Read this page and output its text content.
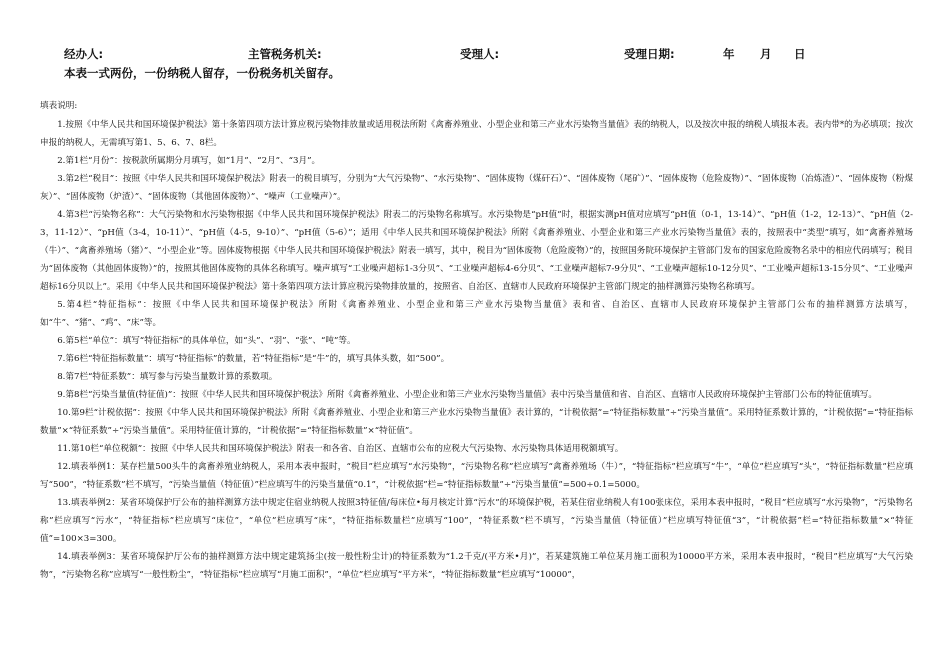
经办人:	主管税务机关:	受理人:	受理日期:	年 月 日
本表一式两份，一份纳税人留存，一份税务机关留存。

填表说明:

1.按照《中华人民共和国环境保护税法》第十条第四项方法计算应税污染物排放量或适用税法所附《禽畜养殖业、小型企业和第三产业水污染物当量值》表的纳税人，以及按次申报的纳税人填报本表。表内带*的为必填项；按次申报的纳税人，无需填写第1、5、6、7、8栏。

2.第1栏“月份”：按税款所属期分月填写，如“1月”、“2月”、“3月”。

3.第2栏“税目”：按照《中华人民共和国环境保护税法》附表一的税目填写，分别为“大气污染物”、“水污染物”、“固体废物（煤矸石）”、“固体废物（尾矿）”、“固体废物（危险废物）”、“固体废物（冶炼渣）”、“固体废物（粉煤灰）”、“固体废物（炉渣）”、“固体废物（其他固体废物）”、“噪声（工业噪声）”。

4.第3栏“污染物名称”：大气污染物和水污染物根据《中华人民共和国环境保护税法》附表二的污染物名称填写。水污染物是“pH值”时，根据实测pH值对应填写“pH值（0-1，13-14）”、“pH值（1-2，12-13）”、“pH值（2-3，11-12）”、“pH值（3-4，10-11）”、“pH值（4-5，9-10）”、“pH值（5-6）”；适用《中华人民共和国环境保护税法》所附《禽畜养殖业、小型企业和第三产业水污染物当量值》表的，按照表中“类型”填写，如“禽畜养殖场（牛）”、“禽畜养殖场（猪）”、“小型企业”等。固体废物根据《中华人民共和国环境保护税法》附表一填写，其中，税目为“固体废物（危险废物）”的，按照国务院环境保护主管部门发布的国家危险废物名录中的相应代码填写；税目为“固体废物（其他固体废物）”的，按照其他固体废物的具体名称填写。噪声填写“工业噪声超标1-3分贝”、“工业噪声超标4-6分贝”、“工业噪声超标7-9分贝”、“工业噪声超标10-12分贝”、“工业噪声超标13-15分贝”、“工业噪声超标16分贝以上”。采用《中华人民共和国环境保护税法》第十条第四项方法计算应税污染物排放量的，按照省、自治区、直辖市人民政府环境保护主管部门规定的抽样测算污染物名称填写。

5.第4栏“特征指标”：按照《中华人民共和国环境保护税法》所附《禽畜养殖业、小型企业和第三产业水污染物当量值》表和省、自治区、直辖市人民政府环境保护主管部门公布的抽样测算方法填写，如“牛”、“猪”、“鸡”、“床”等。

6.第5栏“单位”：填写“特征指标”的具体单位，如“头”、“羽”、“张”、“吨”等。

7.第6栏“特征指标数量”：填写“特征指标”的数量，若“特征指标”是“牛”的，填写具体头数，如“500”。

8.第7栏“特征系数”：填写参与污染当量数计算的系数项。

9.第8栏“污染当量值(特征值)”：按照《中华人民共和国环境保护税法》所附《禽畜养殖业、小型企业和第三产业水污染物当量值》表中污染当量值和省、自治区、直辖市人民政府环境保护主管部门公布的特征值填写。

10.第9栏“计税依据”：按照《中华人民共和国环境保护税法》所附《禽畜养殖业、小型企业和第三产业水污染物当量值》表计算的，“计税依据”=“特征指标数量”÷“污染当量值”。采用特征系数计算的，“计税依据”=“特征指标数量”×“特征系数”÷“污染当量值”。采用特征值计算的，“计税依据”=“特征指标数量”×“特征值”。

11.第10栏“单位税额”：按照《中华人民共和国环境保护税法》附表一和各省、自治区、直辖市公布的应税大气污染物、水污染物具体适用税额填写。

12.填表举例1：某存栏量500头牛的禽畜养殖业纳税人，采用本表申报时，“税目”栏应填写“水污染物”，“污染物名称”栏应填写“禽畜养殖场（牛）”，“特征指标”栏应填写“牛”，“单位”栏应填写“头”，“特征指标数量”栏应填写“500”，“特征系数”栏不填写，“污染当量值（特征值）”栏应填写牛的污染当量值“0.1”，“计税依据”栏=“特征指标数量”÷“污染当量值”=500÷0.1=5000。

13.填表举例2：某省环境保护厅公布的抽样测算方法中规定住宿业纳税人按照3特征值/每床位•每月核定计算“污水”的环境保护税，若某住宿业纳税人有100张床位，采用本表申报时，“税目”栏应填写“水污染物”，“污染物名称”栏应填写“污水”，“特征指标”栏应填写“床位”，“单位”栏应填写“床”，“特征指标数量栏”应填写“100”，“特征系数”栏不填写，“污染当量值（特征值）”栏应填写特征值“3”，“计税依据”栏=“特征指标数量”×“特征值”=100×3=300。

14.填表举例3：某省环境保护厅公布的抽样测算方法中规定建筑扬尘(按一般性粉尘计)的特征系数为“1.2千克/(平方米•月)”，若某建筑施工单位某月施工面积为10000平方米，采用本表申报时，“税目”栏应填写“大气污染物”，“污染物名称”应填写“一般性粉尘”，“特征指标”栏应填写“月施工面积”，“单位”栏应填写“平方米”，“特征指标数量”栏应填写“10000”，
